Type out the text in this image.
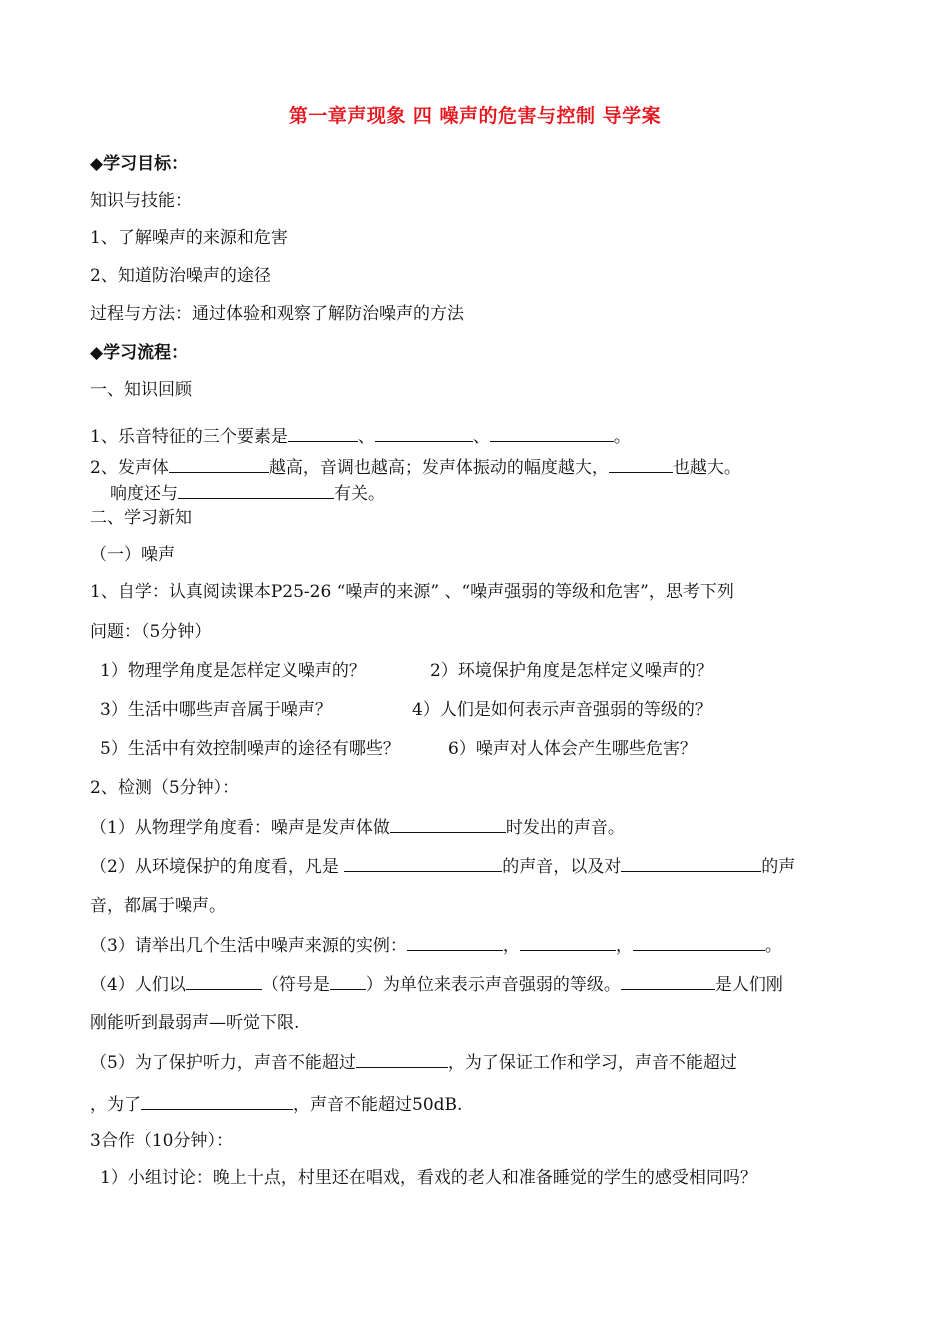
第一章声现象 四 噪声的危害与控制 导学案
◆学习目标：
知识与技能：
1、了解噪声的来源和危害
2、知道防治噪声的途径
过程与方法：通过体验和观察了解防治噪声的方法
◆学习流程：
一、知识回顾
1、乐音特征的三个要素是	、	、	。
2、发声体	越高，音调也越高；发声体振动的幅度越大，	也越大。
响度还与	有关。
二、学习新知
（一）噪声
1、自学：认真阅读课本P25-26 “噪声的来源” 、“噪声强弱的等级和危害”，思考下列
问题：（5分钟）
1）物理学角度是怎样定义噪声的？	2）环境保护角度是怎样定义噪声的？
3）生活中哪些声音属于噪声？	4）人们是如何表示声音强弱的等级的？
5）生活中有效控制噪声的途径有哪些？	6）噪声对人体会产生哪些危害？
2、检测（5分钟）：
（1）从物理学角度看：噪声是发声体做	时发出的声音。
（2）从环境保护的角度看，凡是	的声音，以及对	的声
音，都属于噪声。
（3）请举出几个生活中噪声来源的实例：	，	，	。
（4）人们以	（符号是 ）为单位来表示声音强弱的等级。	是人们刚
刚能听到最弱声—听觉下限.
（5）为了保护听力，声音不能超过	，为了保证工作和学习，声音不能超过
，为了	，声音不能超过50dB.
3合作（10分钟）：
1）小组讨论：晚上十点，村里还在唱戏，看戏的老人和准备睡觉的学生的感受相同吗？
